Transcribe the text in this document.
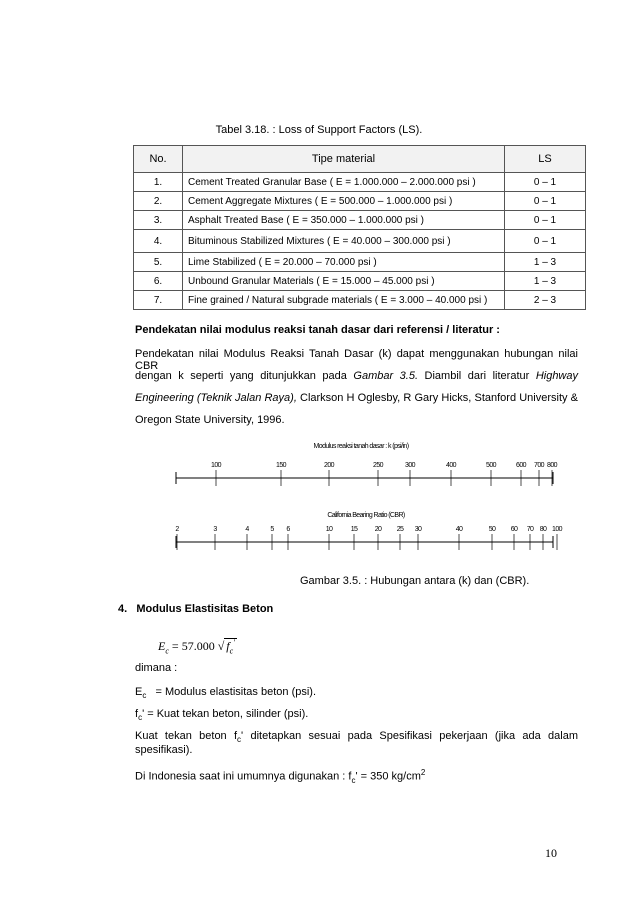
Tabel 3.18. : Loss of Support Factors (LS).
No.	Tipe material	LS
1.	Cement Treated Granular Base ( E = 1.000.000 – 2.000.000 psi )	0 – 1
2.	Cement Aggregate Mixtures ( E = 500.000 – 1.000.000 psi )	0 – 1
3.	Asphalt Treated Base ( E = 350.000 – 1.000.000 psi )	0 – 1
4.	Bituminous Stabilized Mixtures ( E = 40.000 – 300.000 psi )	0 – 1
5.	Lime Stabilized ( E = 20.000 – 70.000 psi )	1 – 3
6.	Unbound Granular Materials ( E = 15.000 – 45.000 psi )	1 – 3
7.	Fine grained / Natural subgrade materials ( E = 3.000 – 40.000 psi )	2 – 3
Pendekatan nilai modulus reaksi tanah dasar dari referensi / literatur :
Pendekatan nilai Modulus Reaksi Tanah Dasar (k) dapat menggunakan hubungan nilai CBR
dengan k seperti yang ditunjukkan pada Gambar 3.5. Diambil dari literatur Highway
Engineering (Teknik Jalan Raya), Clarkson H Oglesby, R Gary Hicks, Stanford University &
Oregon State University, 1996.
Modulus reaksi tanah dasar : k (psi/in)
100	150	200	250	300	400	500	600 700 800
California Bearing Ratio (CBR)
2	3	4	5 6	10	15 20 25 30	40	50 60 70 80 100
Gambar 3.5. : Hubungan antara (k) dan (CBR).
4. Modulus Elastisitas Beton
$E_c = 57.000$ √ $f_c'$
dimana :
$E_c$ = Modulus elastisitas beton (psi).
$f_c'$ = Kuat tekan beton, silinder (psi).
Kuat tekan beton $f_c'$ ditetapkan sesuai pada Spesifikasi pekerjaan (jika ada dalam
spesifikasi).
Di Indonesia saat ini umumnya digunakan : $f_c' = 350$ $kg/cm^2$
10
